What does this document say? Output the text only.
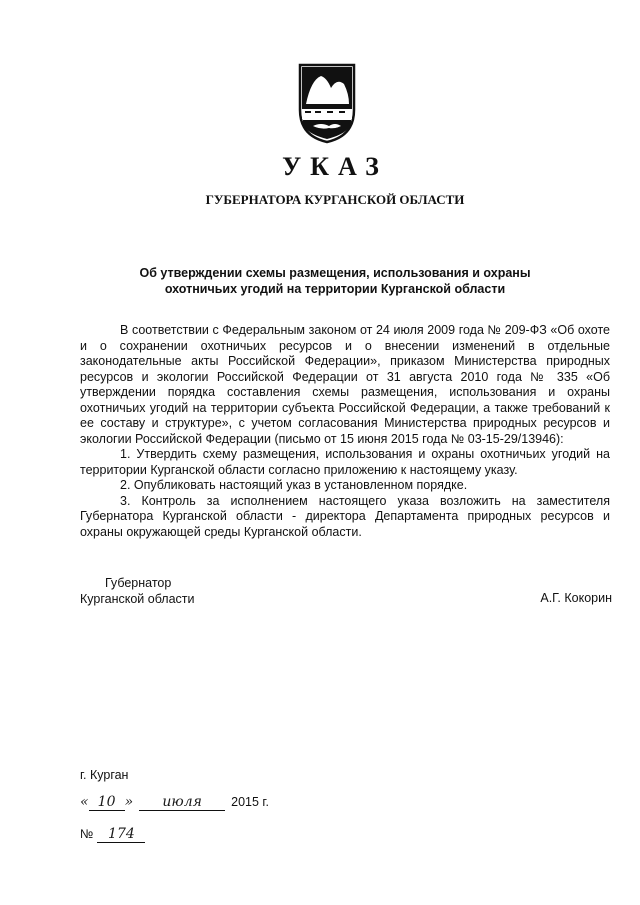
УКАЗ
ГУБЕРНАТОРА КУРГАНСКОЙ ОБЛАСТИ
Об утверждении схемы размещения, использования и охраны
охотничьих угодий на территории Курганской области

В соответствии с Федеральным законом от 24 июля 2009 года № 209-ФЗ «Об охоте и о сохранении охотничьих ресурсов и о внесении изменений в отдельные законодательные акты Российской Федерации», приказом Министерства природных ресурсов и экологии Российской Федерации от 31 августа 2010 года № 335 «Об утверждении порядка составления схемы размещения, использования и охраны охотничьих угодий на территории субъекта Российской Федерации, а также требований к ее составу и структуре», с учетом согласования Министерства природных ресурсов и экологии Российской Федерации (письмо от 15 июня 2015 года № 03-15-29/13946):

1. Утвердить схему размещения, использования и охраны охотничьих угодий на территории Курганской области согласно приложению к настоящему указу.

2. Опубликовать настоящий указ в установленном порядке.

3. Контроль за исполнением настоящего указа возложить на заместителя Губернатора Курганской области - директора Департамента природных ресурсов и охраны окружающей среды Курганской области.

Губернатор
Курганской области	А.Г. Кокорин
г. Курган
« 10 » июля 2015 г.
№ 174
